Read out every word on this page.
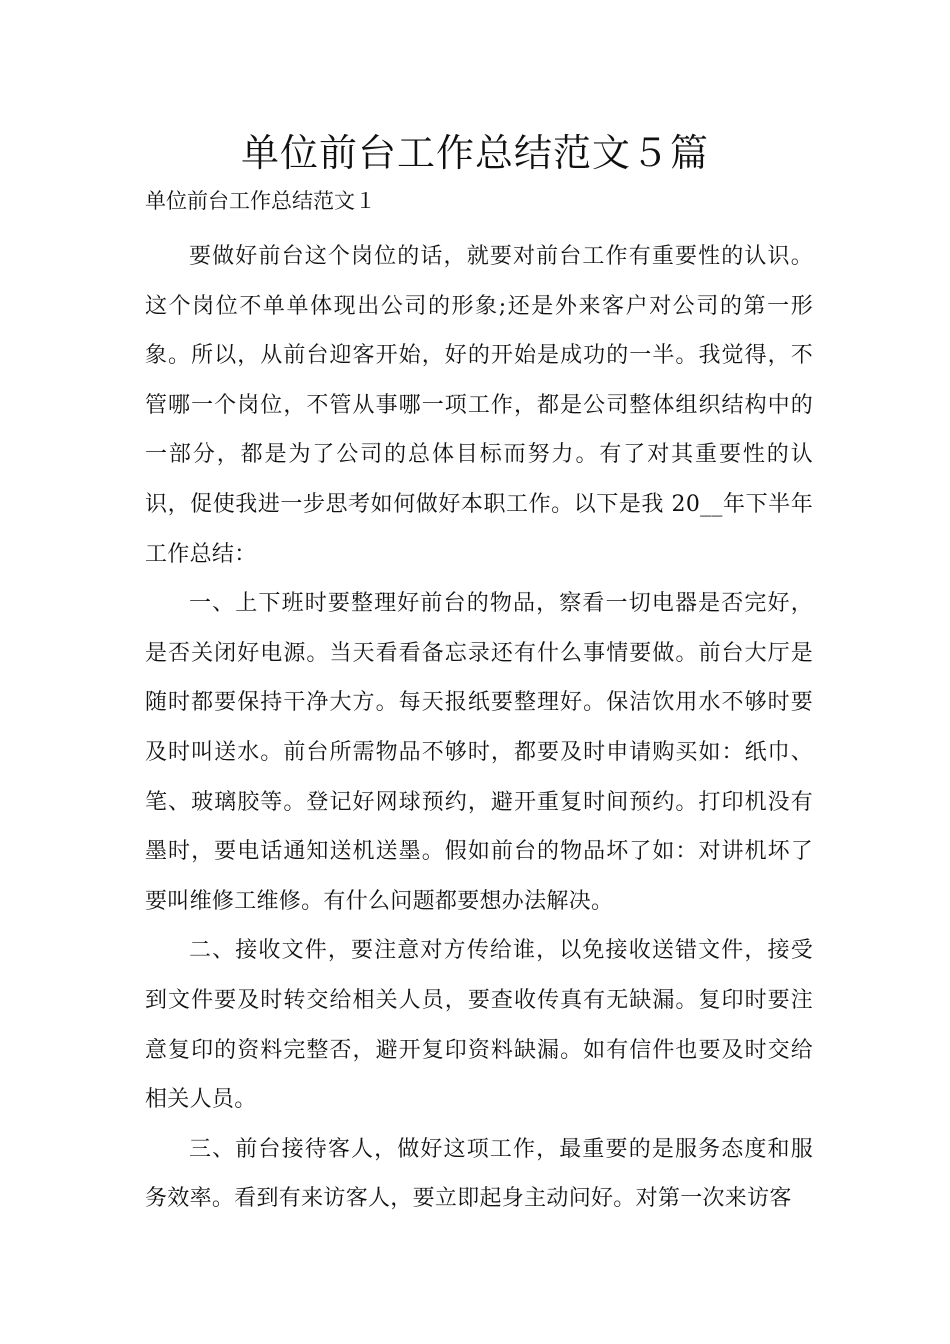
单位前台工作总结范文５篇
单位前台工作总结范文１

要做好前台这个岗位的话，就要对前台工作有重要性的认识。这个岗位不单单体现出公司的形象;还是外来客户对公司的第一形象。所以，从前台迎客开始，好的开始是成功的一半。我觉得，不管哪一个岗位，不管从事哪一项工作，都是公司整体组织结构中的一部分，都是为了公司的总体目标而努力。有了对其重要性的认识，促使我进一步思考如何做好本职工作。以下是我 20__年下半年工作总结：

一、上下班时要整理好前台的物品，察看一切电器是否完好，是否关闭好电源。当天看看备忘录还有什么事情要做。前台大厅是随时都要保持干净大方。每天报纸要整理好。保洁饮用水不够时要及时叫送水。前台所需物品不够时，都要及时申请购买如：纸巾、笔、玻璃胶等。登记好网球预约，避开重复时间预约。打印机没有墨时，要电话通知送机送墨。假如前台的物品坏了如：对讲机坏了要叫维修工维修。有什么问题都要想办法解决。

二、接收文件，要注意对方传给谁，以免接收送错文件，接受到文件要及时转交给相关人员，要查收传真有无缺漏。复印时要注意复印的资料完整否，避开复印资料缺漏。如有信件也要及时交给相关人员。

三、前台接待客人，做好这项工作，最重要的是服务态度和服务效率。看到有来访客人，要立即起身主动问好。对第一次来访客
